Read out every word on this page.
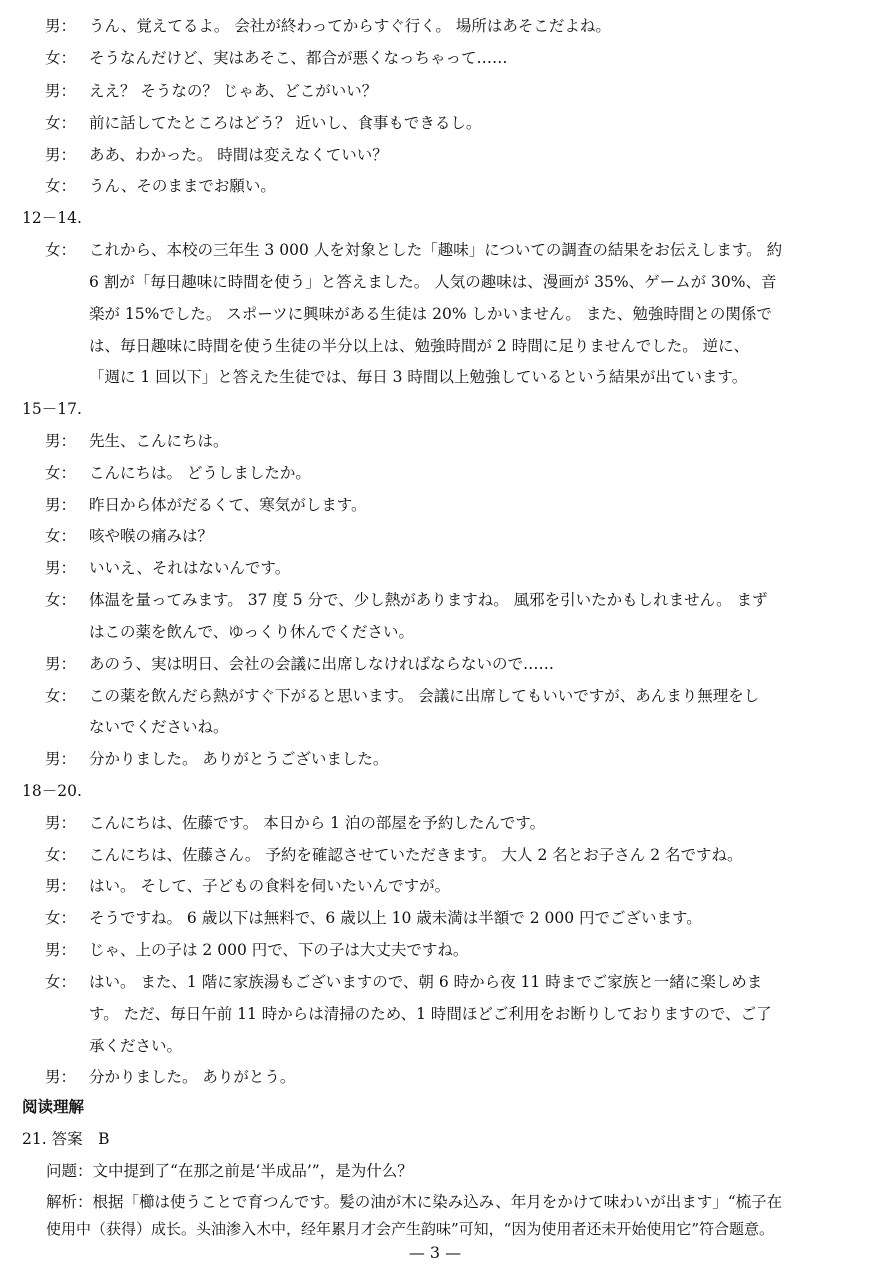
男： うん、覚えてるよ。 会社が終わってからすぐ行く。 場所はあそこだよね。
女： そうなんだけど、実はあそこ、都合が悪くなっちゃって……
男： ええ？ そうなの？ じゃあ、どこがいい？
女： 前に話してたところはどう？ 近いし、食事もできるし。
男： ああ、わかった。 時間は変えなくていい？
女： うん、そのままでお願い。
12－14.
女： これから、本校の三年生 3 000 人を対象とした「趣味」についての調査の結果をお伝えします。 約
6 割が「毎日趣味に時間を使う」と答えました。 人気の趣味は、漫画が 35%、ゲームが 30%、音
楽が 15%でした。 スポーツに興味がある生徒は 20% しかいません。 また、勉強時間との関係で
は、毎日趣味に時間を使う生徒の半分以上は、勉強時間が 2 時間に足りませんでした。 逆に、
「週に 1 回以下」と答えた生徒では、毎日 3 時間以上勉強しているという結果が出ています。
15－17.
男： 先生、こんにちは。
女： こんにちは。 どうしましたか。
男： 昨日から体がだるくて、寒気がします。
女： 咳や喉の痛みは？
男： いいえ、それはないんです。
女： 体温を量ってみます。 37 度 5 分で、少し熱がありますね。 風邪を引いたかもしれません。 まず
はこの薬を飲んで、ゆっくり休んでください。
男： あのう、実は明日、会社の会議に出席しなければならないので……
女： この薬を飲んだら熱がすぐ下がると思います。 会議に出席してもいいですが、あんまり無理をし
ないでくださいね。
男： 分かりました。 ありがとうございました。
18－20.
男： こんにちは、佐藤です。 本日から 1 泊の部屋を予約したんです。
女： こんにちは、佐藤さん。 予約を確認させていただきます。 大人 2 名とお子さん 2 名ですね。
男： はい。 そして、子どもの食料を伺いたいんですが。
女： そうですね。 6 歳以下は無料で、6 歳以上 10 歳未満は半額で 2 000 円でございます。
男： じゃ、上の子は 2 000 円で、下の子は大丈夫ですね。
女： はい。 また、1 階に家族湯もございますので、朝 6 時から夜 11 時までご家族と一緒に楽しめま
す。 ただ、毎日午前 11 時からは清掃のため、1 時間ほどご利用をお断りしておりますので、ご了
承ください。
男： 分かりました。 ありがとう。
阅读理解
21. 答案　B
问题：文中提到了“在那之前是‘半成品’”，是为什么？
解析：根据「櫛は使うことで育つんです。髪の油が木に染み込み、年月をかけて味わいが出ます」“梳子在
使用中（获得）成长。头油渗入木中，经年累月才会产生韵味”可知，“因为使用者还未开始使用它”符合题意。
— 3 —
